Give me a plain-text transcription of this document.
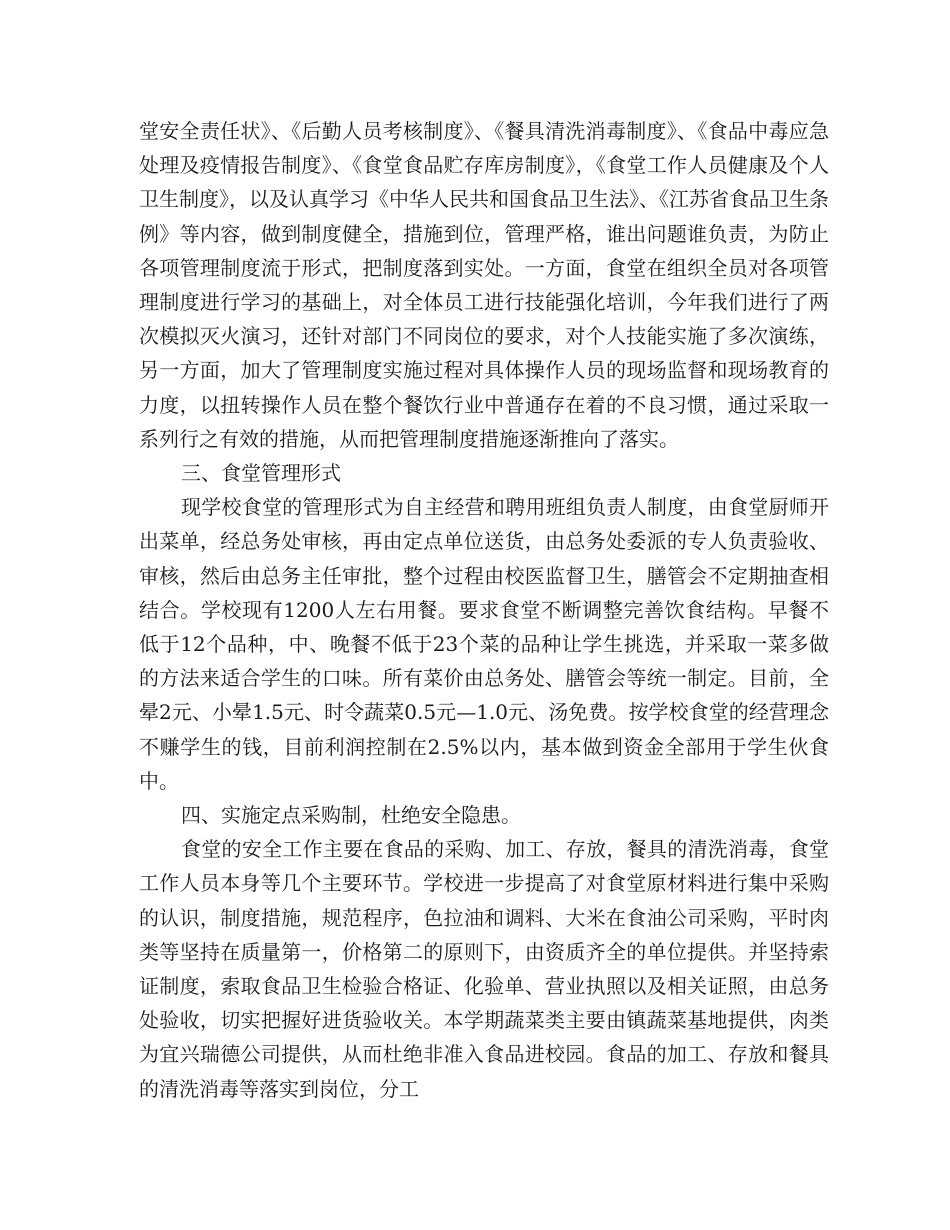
堂安全责任状》、《后勤人员考核制度》、《餐具清洗消毒制度》、《食品中毒应急处理及疫情报告制度》、《食堂食品贮存库房制度》，《食堂工作人员健康及个人卫生制度》，以及认真学习《中华人民共和国食品卫生法》、《江苏省食品卫生条例》等内容，做到制度健全，措施到位，管理严格，谁出问题谁负责，为防止各项管理制度流于形式，把制度落到实处。一方面，食堂在组织全员对各项管理制度进行学习的基础上，对全体员工进行技能强化培训，今年我们进行了两次模拟灭火演习，还针对部门不同岗位的要求，对个人技能实施了多次演练，另一方面，加大了管理制度实施过程对具体操作人员的现场监督和现场教育的力度，以扭转操作人员在整个餐饮行业中普通存在着的不良习惯，通过采取一系列行之有效的措施，从而把管理制度措施逐渐推向了落实。

三、食堂管理形式

现学校食堂的管理形式为自主经营和聘用班组负责人制度，由食堂厨师开出菜单，经总务处审核，再由定点单位送货，由总务处委派的专人负责验收、审核，然后由总务主任审批，整个过程由校医监督卫生，膳管会不定期抽查相结合。学校现有1200人左右用餐。要求食堂不断调整完善饮食结构。早餐不低于12个品种，中、晚餐不低于23个菜的品种让学生挑选，并采取一菜多做的方法来适合学生的口味。所有菜价由总务处、膳管会等统一制定。目前，全晕2元、小晕1.5元、时令蔬菜0.5元—1.0元、汤免费。按学校食堂的经营理念不赚学生的钱，目前利润控制在2.5%以内，基本做到资金全部用于学生伙食中。

四、实施定点采购制，杜绝安全隐患。

食堂的安全工作主要在食品的采购、加工、存放，餐具的清洗消毒，食堂工作人员本身等几个主要环节。学校进一步提高了对食堂原材料进行集中采购的认识，制度措施，规范程序，色拉油和调料、大米在食油公司采购，平时肉类等坚持在质量第一，价格第二的原则下，由资质齐全的单位提供。并坚持索证制度，索取食品卫生检验合格证、化验单、营业执照以及相关证照，由总务处验收，切实把握好进货验收关。本学期蔬菜类主要由镇蔬菜基地提供，肉类为宜兴瑞德公司提供，从而杜绝非准入食品进校园。食品的加工、存放和餐具的清洗消毒等落实到岗位，分工
